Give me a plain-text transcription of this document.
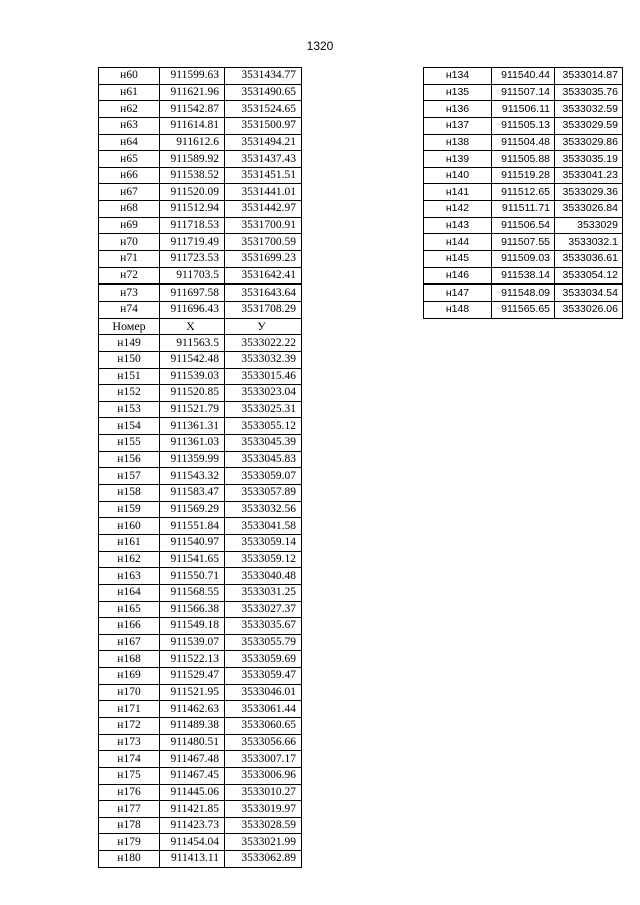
1320
н60	911599.63	3531434.77
н61	911621.96	3531490.65
н62	911542.87	3531524.65
н63	911614.81	3531500.97
н64	911612.6	3531494.21
н65	911589.92	3531437.43
н66	911538.52	3531451.51
н67	911520.09	3531441.01
н68	911512.94	3531442.97
н69	911718.53	3531700.91
н70	911719.49	3531700.59
н71	911723.53	3531699.23
н72	911703.5	3531642.41
н73	911697.58	3531643.64
н74	911696.43	3531708.29
Номер	X	У
н149	911563.5	3533022.22
н150	911542.48	3533032.39
н151	911539.03	3533015.46
н152	911520.85	3533023.04
н153	911521.79	3533025.31
н154	911361.31	3533055.12
н155	911361.03	3533045.39
н156	911359.99	3533045.83
н157	911543.32	3533059.07
н158	911583.47	3533057.89
н159	911569.29	3533032.56
н160	911551.84	3533041.58
н161	911540.97	3533059.14
н162	911541.65	3533059.12
н163	911550.71	3533040.48
н164	911568.55	3533031.25
н165	911566.38	3533027.37
н166	911549.18	3533035.67
н167	911539.07	3533055.79
н168	911522.13	3533059.69
н169	911529.47	3533059.47
н170	911521.95	3533046.01
н171	911462.63	3533061.44
н172	911489.38	3533060.65
н173	911480.51	3533056.66
н174	911467.48	3533007.17
н175	911467.45	3533006.96
н176	911445.06	3533010.27
н177	911421.85	3533019.97
н178	911423.73	3533028.59
н179	911454.04	3533021.99
н180	911413.11	3533062.89
н134	911540.44	3533014.87
н135	911507.14	3533035.76
н136	911506.11	3533032.59
н137	911505.13	3533029.59
н138	911504.48	3533029.86
н139	911505.88	3533035.19
н140	911519.28	3533041.23
н141	911512.65	3533029.36
н142	911511.71	3533026.84
н143	911506.54	3533029
н144	911507.55	3533032.1
н145	911509.03	3533036.61
н146	911538.14	3533054.12
н147	911548.09	3533034.54
н148	911565.65	3533026.06
